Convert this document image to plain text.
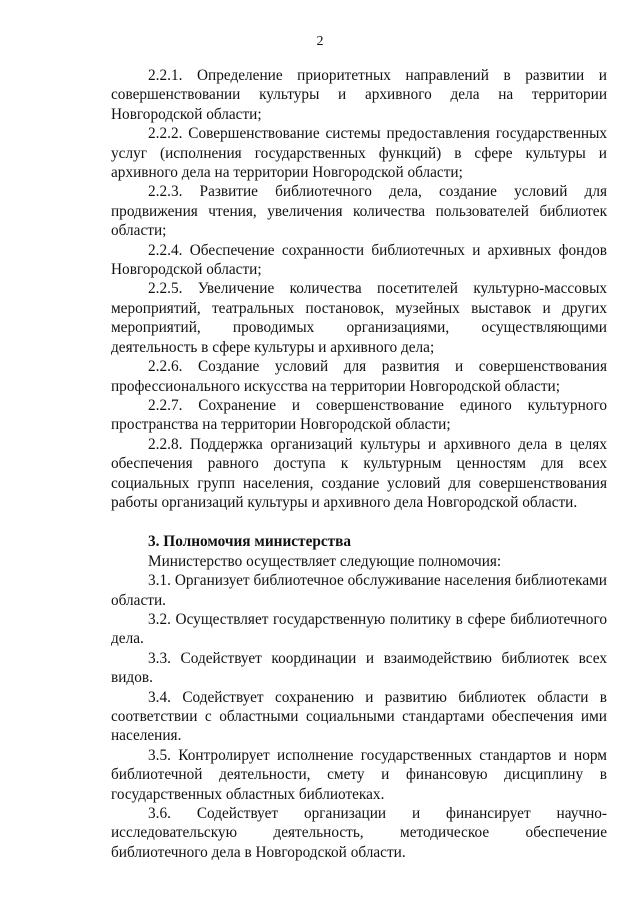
2

2.2.1. Определение приоритетных направлений в развитии и совершенствовании культуры и архивного дела на территории Новгородской области;

2.2.2. Совершенствование системы предоставления государственных услуг (исполнения государственных функций) в сфере культуры и архивного дела на территории Новгородской области;

2.2.3. Развитие библиотечного дела, создание условий для продвижения чтения, увеличения количества пользователей библиотек области;

2.2.4. Обеспечение сохранности библиотечных и архивных фондов Новгородской области;

2.2.5. Увеличение количества посетителей культурно-массовых мероприятий, театральных постановок, музейных выставок и других мероприятий, проводимых организациями, осуществляющими деятельность в сфере культуры и архивного дела;

2.2.6. Создание условий для развития и совершенствования профессионального искусства на территории Новгородской области;

2.2.7. Сохранение и совершенствование единого культурного пространства на территории Новгородской области;

2.2.8. Поддержка организаций культуры и архивного дела в целях обеспечения равного доступа к культурным ценностям для всех социальных групп населения, создание условий для совершенствования работы организаций культуры и архивного дела Новгородской области.

3. Полномочия министерства

Министерство осуществляет следующие полномочия:

3.1. Организует библиотечное обслуживание населения библиотеками области.

3.2. Осуществляет государственную политику в сфере библиотечного дела.

3.3. Содействует координации и взаимодействию библиотек всех видов.

3.4. Содействует сохранению и развитию библиотек области в соответствии с областными социальными стандартами обеспечения ими населения.

3.5. Контролирует исполнение государственных стандартов и норм библиотечной деятельности, смету и финансовую дисциплину в государственных областных библиотеках.

3.6. Содействует организации и финансирует научно-исследовательскую деятельность, методическое обеспечение библиотечного дела в Новгородской области.
